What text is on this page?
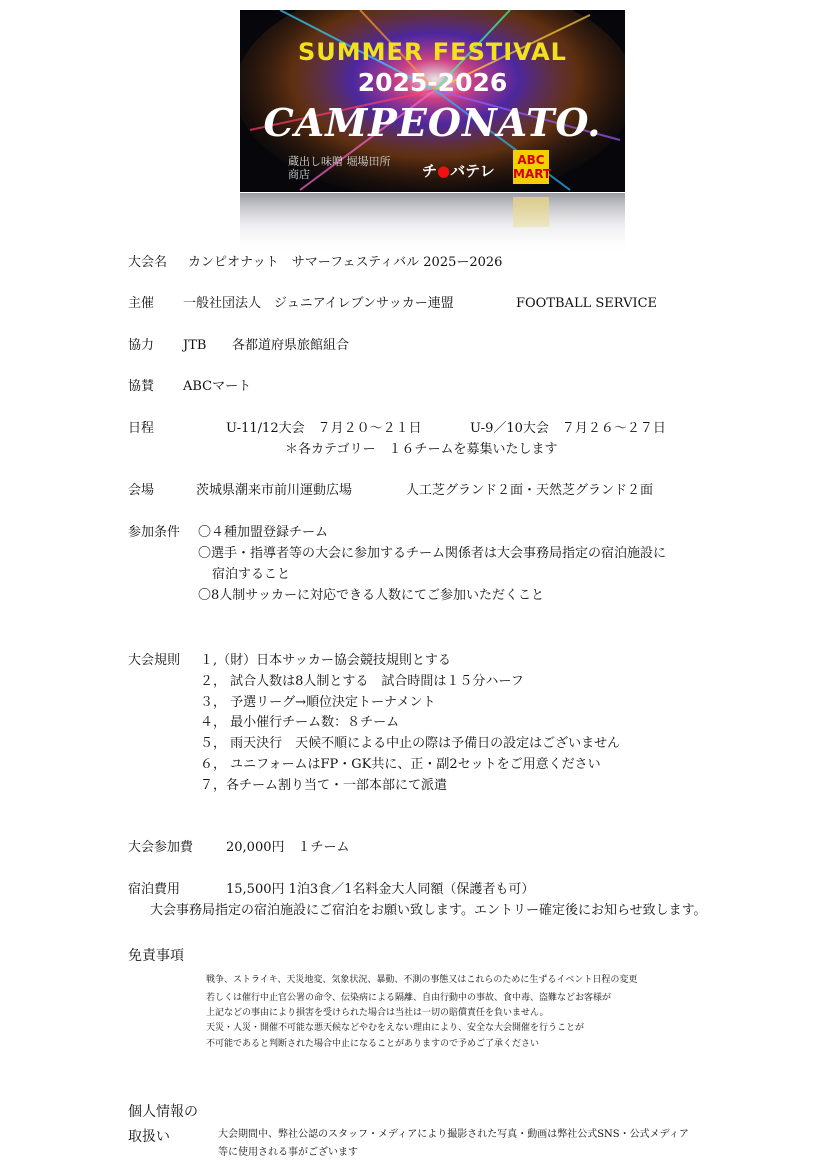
SUMMER FESTIVAL
2025-2026
CAMPEONATO.
蔵出し味噌 堀場田所商店	チ●バテレ
ABC MART
大会名 カンピオナット　サマーフェスティバル 2025ー2026
主催 一般社団法人　ジュニアイレブンサッカー連盟	FOOTBALL SERVICE
協力 JTB 各都道府県旅館組合
協賛 ABCマート
日程	U-11/12大会　７月２０～２１日	U-9／10大会　７月２６～２７日
＊各カテゴリー　１６チームを募集いたします
会場	茨城県潮来市前川運動広場	人工芝グランド２面・天然芝グランド２面
参加条件 〇４種加盟登録チーム
〇選手・指導者等の大会に参加するチーム関係者は大会事務局指定の宿泊施設に
宿泊すること
〇8人制サッカーに対応できる人数にてご参加いただくこと
大会規則 １,（財）日本サッカー協会競技規則とする
２， 試合人数は8人制とする　試合時間は１５分ハーフ
３， 予選リーグ→順位決定トーナメント
４， 最小催行チーム数：８チーム
５， 雨天決行　天候不順による中止の際は予備日の設定はございません
６， ユニフォームはFP・GK共に、正・副2セットをご用意ください
７，各チーム割り当て・一部本部にて派遣
大会参加費	20,000円　１チーム
宿泊費用	15,500円 1泊3食／1名料金大人同額（保護者も可）
大会事務局指定の宿泊施設にご宿泊をお願い致します。エントリー確定後にお知らせ致します。
免責事項
戦争、ストライキ、天災地変、気象状況、暴動、不測の事態又はこれらのために生ずるイベント日程の変更
若しくは催行中止官公署の命令、伝染病による隔離、自由行動中の事故、食中毒、盗難などお客様が
上記などの事由により損害を受けられた場合は当社は一切の賠償責任を負いません。
天災・人災・開催不可能な悪天候などやむをえない理由により、安全な大会開催を行うことが
不可能であると判断された場合中止になることがありますので予めご了承ください
個人情報の
取扱い	大会期間中、弊社公認のスタッフ・メディアにより撮影された写真・動画は弊社公式SNS・公式メディア
等に使用される事がございます
